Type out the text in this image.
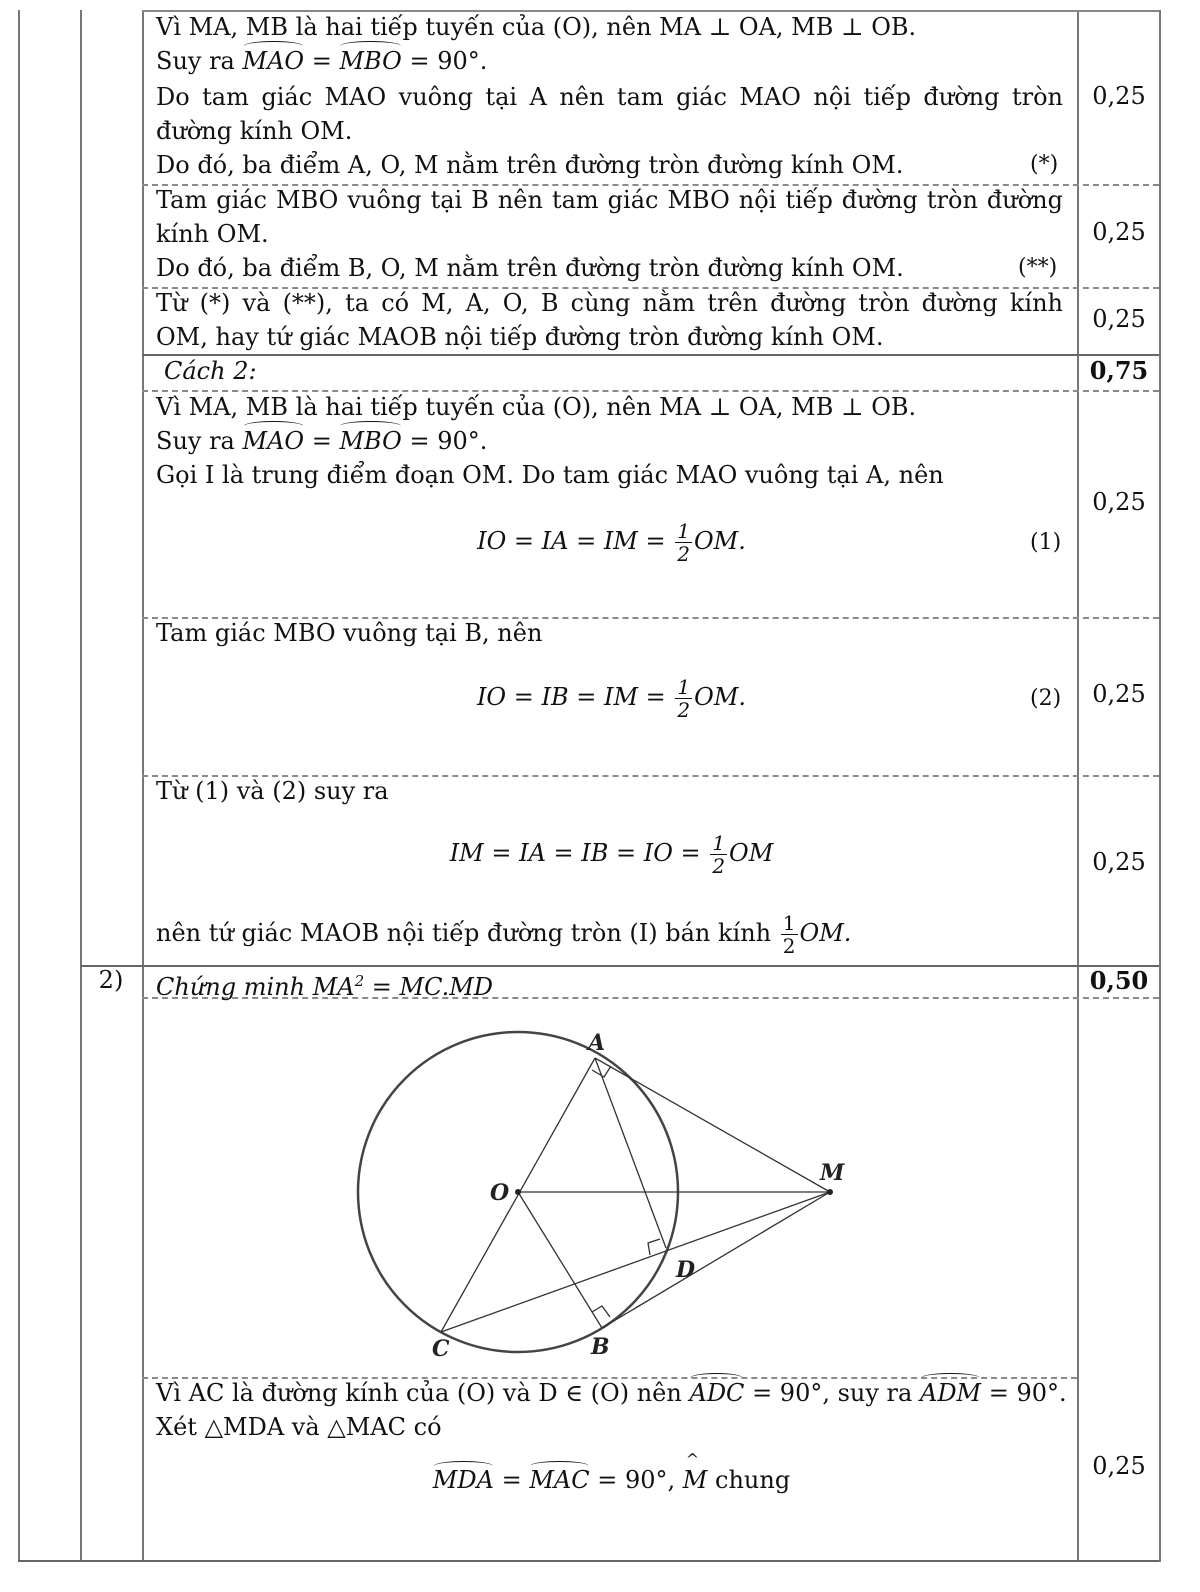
Vì MA, MB là hai tiếp tuyến của (O), nên MA ⊥ OA, MB ⊥ OB.
Suy ra MAO = MBO = 90°.
Do tam giác MAO vuông tại A nên tam giác MAO nội tiếp đường tròn
đường kính OM.
Do đó, ba điểm A, O, M nằm trên đường tròn đường kính OM.	(*)
0,25
Tam giác MBO vuông tại B nên tam giác MBO nội tiếp đường tròn đường
kính OM.
Do đó, ba điểm B, O, M nằm trên đường tròn đường kính OM.	(**)
0,25
Từ (*) và (**), ta có M, A, O, B cùng nằm trên đường tròn đường kính
OM, hay tứ giác MAOB nội tiếp đường tròn đường kính OM.
0,25
Cách 2:	0,75
Vì MA, MB là hai tiếp tuyến của (O), nên MA ⊥ OA, MB ⊥ OB.
Suy ra MAO = MBO = 90°.
Gọi I là trung điểm đoạn OM. Do tam giác MAO vuông tại A, nên
IO = IA = IM = $\frac{1}{2}$ OM.	(1)
0,25
Tam giác MBO vuông tại B, nên
IO = IB = IM = $\frac{1}{2}$ OM.	(2)	0,25
Từ (1) và (2) suy ra
IM = IA = IB = IO = $\frac{1}{2}$ OM
nên tứ giác MAOB nội tiếp đường tròn (I) bán kính $\frac{1}{2}$ OM.
0,25
2)	Chứng minh $MA^2 = MC.MD$	0,50
A
O
M
D
C	B
Vì AC là đường kính của (O) và D ∈ (O) nên ADC = 90°, suy ra ADM = 90°.
Xét △MDA và △MAC có
MDA = MAC = 90°, ^ M chung	0,25
